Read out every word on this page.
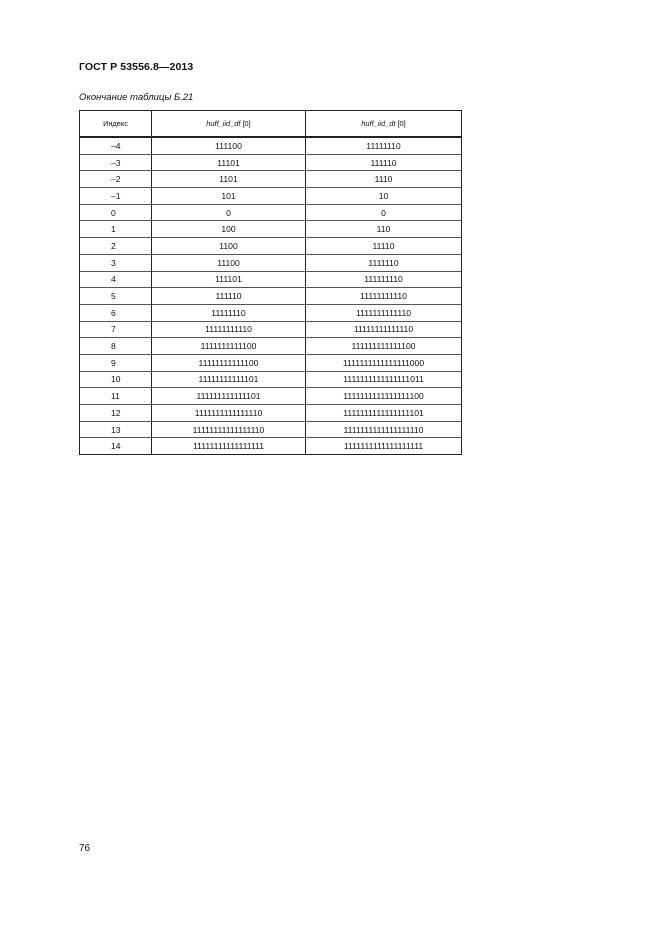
ГОСТ Р 53556.8—2013
Окончание таблицы Б.21
Индекс	huff_iid_df [0]	huff_iid_dt [0]
–4	111100	11111110
–3	11101	111110
–2	1101	1110
–1	101	10
0	0	0
1	100	110
2	1100	11110
3	11100	1111110
4	111101	111111110
5	111110	11111111110
6	11111110	1111111111110
7	11111111110	11111111111110
8	1111111111100	111111111111100
9	11111111111100	1111111111111111000
10	11111111111101	1111111111111111011
11	111111111111101	1111111111111111100
12	1111111111111110	1111111111111111101
13	11111111111111110	1111111111111111110
14	11111111111111111	1111111111111111111
76
